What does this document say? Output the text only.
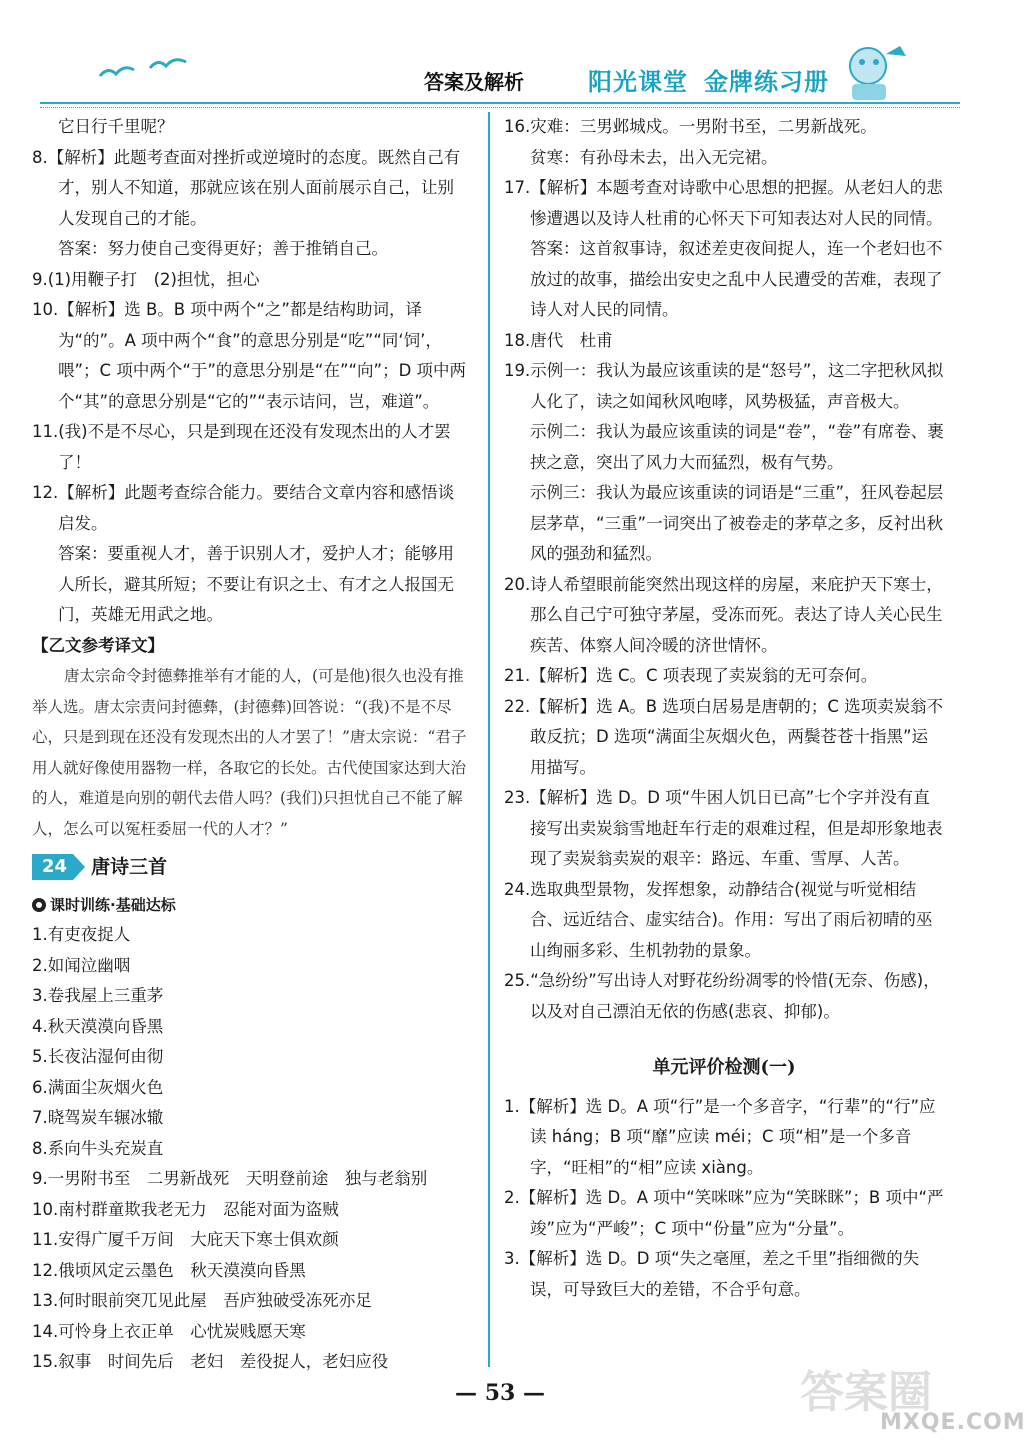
答案及解析	阳光课堂 金牌练习册

它日行千里呢？

8.【解析】此题考查面对挫折或逆境时的态度。既然自己有才，别人不知道，那就应该在别人面前展示自己，让别人发现自己的才能。

答案：努力使自己变得更好；善于推销自己。

9.(1)用鞭子打　(2)担忧，担心

10.【解析】选 B。B 项中两个“之”都是结构助词，译为“的”。A 项中两个“食”的意思分别是“吃”“同‘饲’，喂”；C 项中两个“于”的意思分别是“在”“向”；D 项中两个“其”的意思分别是“它的”“表示诘问，岂，难道”。

11.(我)不是不尽心，只是到现在还没有发现杰出的人才罢了！

12.【解析】此题考查综合能力。要结合文章内容和感悟谈启发。

答案：要重视人才，善于识别人才，爱护人才；能够用人所长，避其所短；不要让有识之士、有才之人报国无门，英雄无用武之地。

【乙文参考译文】

唐太宗命令封德彝推举有才能的人，(可是他)很久也没有推举人选。唐太宗责问封德彝，(封德彝)回答说：“(我)不是不尽心，只是到现在还没有发现杰出的人才罢了！”唐太宗说：“君子用人就好像使用器物一样，各取它的长处。古代使国家达到大治的人，难道是向别的朝代去借人吗？(我们)只担忧自己不能了解人，怎么可以冤枉委屈一代的人才？”

24	唐诗三首
课时训练·基础达标

1.有吏夜捉人

2.如闻泣幽咽

3.卷我屋上三重茅

4.秋天漠漠向昏黑

5.长夜沾湿何由彻

6.满面尘灰烟火色

7.晓驾炭车辗冰辙

8.系向牛头充炭直

9.一男附书至　二男新战死　天明登前途　独与老翁别

10.南村群童欺我老无力　忍能对面为盗贼

11.安得广厦千万间　大庇天下寒士俱欢颜

12.俄顷风定云墨色　秋天漠漠向昏黑

13.何时眼前突兀见此屋　吾庐独破受冻死亦足

14.可怜身上衣正单　心忧炭贱愿天寒

15.叙事　时间先后　老妇　差役捉人，老妇应役

16.灾难：三男邺城戍。一男附书至，二男新战死。

贫寒：有孙母未去，出入无完裙。

17.【解析】本题考查对诗歌中心思想的把握。从老妇人的悲惨遭遇以及诗人杜甫的心怀天下可知表达对人民的同情。

答案：这首叙事诗，叙述差吏夜间捉人，连一个老妇也不放过的故事，描绘出安史之乱中人民遭受的苦难，表现了诗人对人民的同情。

18.唐代　杜甫

19.示例一：我认为最应该重读的是“怒号”，这二字把秋风拟人化了，读之如闻秋风咆哮，风势极猛，声音极大。

示例二：我认为最应该重读的词是“卷”，“卷”有席卷、裹挟之意，突出了风力大而猛烈，极有气势。

示例三：我认为最应该重读的词语是“三重”，狂风卷起层层茅草，“三重”一词突出了被卷走的茅草之多，反衬出秋风的强劲和猛烈。

20.诗人希望眼前能突然出现这样的房屋，来庇护天下寒士，那么自己宁可独守茅屋，受冻而死。表达了诗人关心民生疾苦、体察人间冷暖的济世情怀。

21.【解析】选 C。C 项表现了卖炭翁的无可奈何。

22.【解析】选 A。B 选项白居易是唐朝的；C 选项卖炭翁不敢反抗；D 选项“满面尘灰烟火色，两鬓苍苍十指黑”运用描写。

23.【解析】选 D。D 项“牛困人饥日已高”七个字并没有直接写出卖炭翁雪地赶车行走的艰难过程，但是却形象地表现了卖炭翁卖炭的艰辛：路远、车重、雪厚、人苦。

24.选取典型景物，发挥想象，动静结合(视觉与听觉相结合、远近结合、虚实结合)。作用：写出了雨后初晴的巫山绚丽多彩、生机勃勃的景象。

25.“急纷纷”写出诗人对野花纷纷凋零的怜惜(无奈、伤感)，以及对自己漂泊无依的伤感(悲哀、抑郁)。

单元评价检测(一)

1.【解析】选 D。A 项“行”是一个多音字，“行辈”的“行”应读 háng；B 项“靡”应读 méi；C 项“相”是一个多音字，“旺相”的“相”应读 xiàng。

2.【解析】选 D。A 项中“笑咪咪”应为“笑眯眯”；B 项中“严竣”应为“严峻”；C 项中“份量”应为“分量”。

3.【解析】选 D。D 项“失之毫厘，差之千里”指细微的失误，可导致巨大的差错，不合乎句意。

— 53 —	答案圈
MXQE.COM
